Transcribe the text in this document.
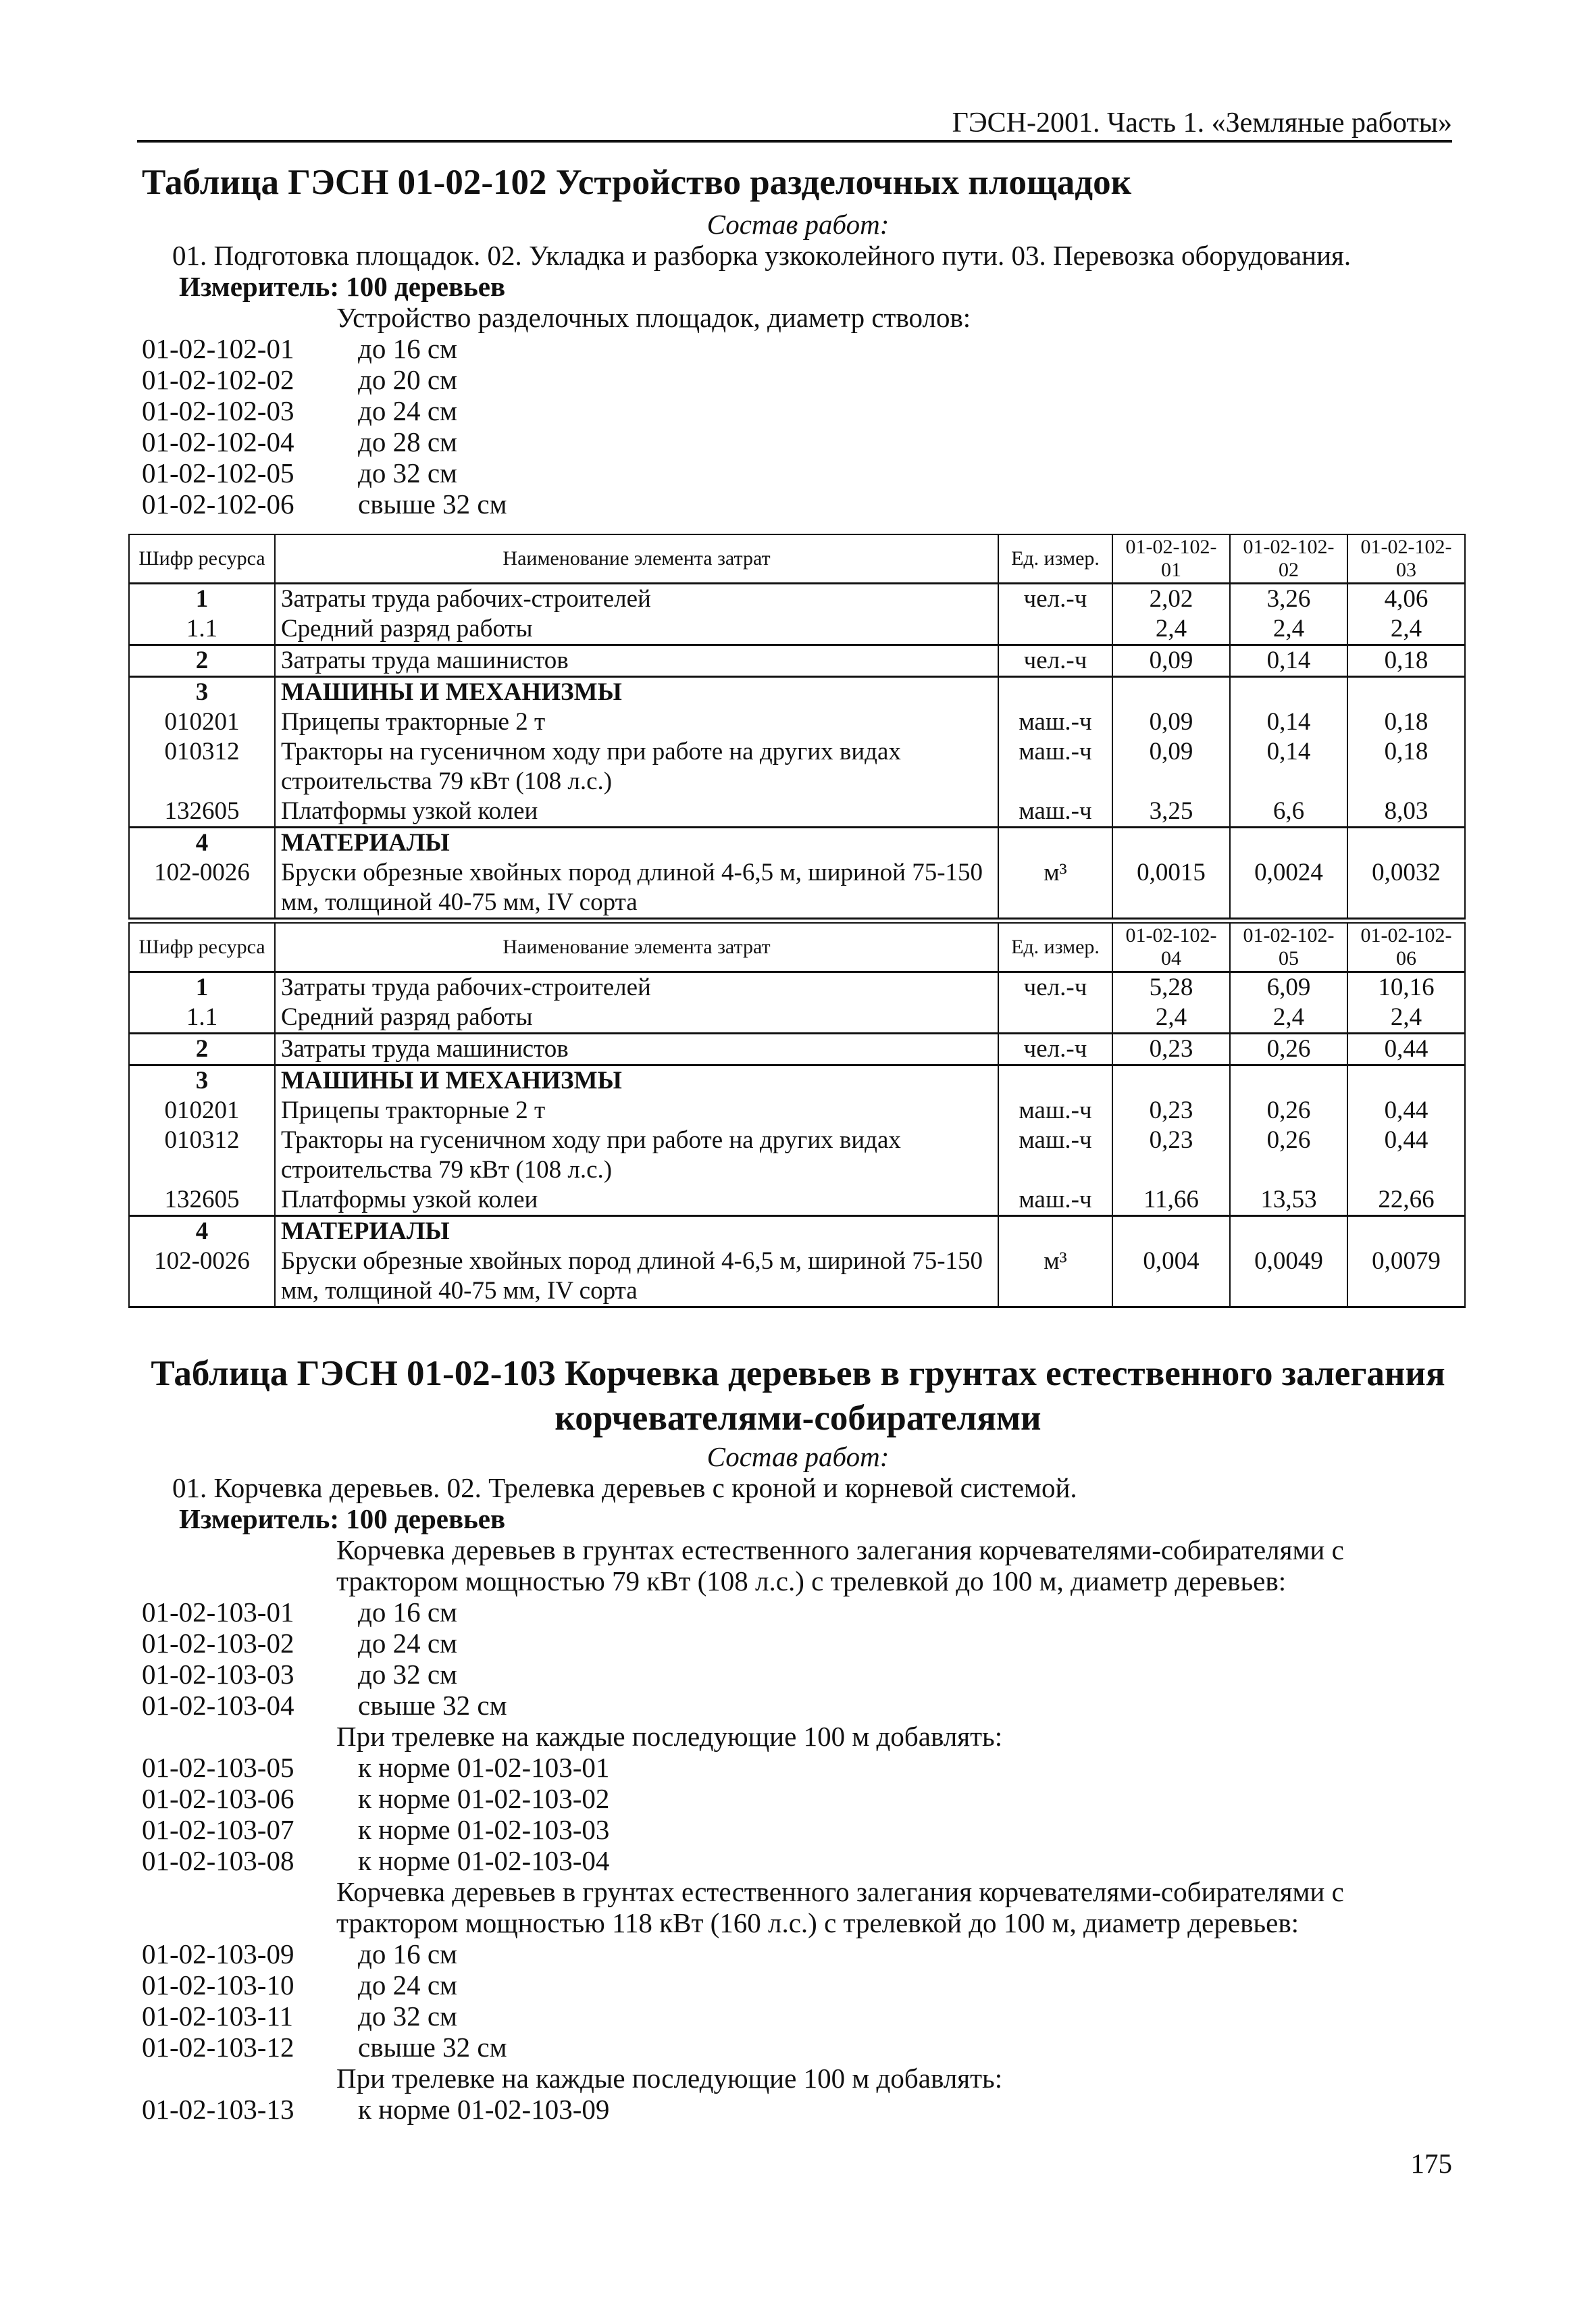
ГЭСН-2001. Часть 1. «Земляные работы»
Таблица ГЭСН 01-02-102 Устройство разделочных площадок
Состав работ:
01. Подготовка площадок. 02. Укладка и разборка узкоколейного пути. 03. Перевозка оборудования.
Измеритель: 100 деревьев
Устройство разделочных площадок, диаметр стволов:
01-02-102-01 до 16 см
01-02-102-02 до 20 см
01-02-102-03 до 24 см
01-02-102-04 до 28 см
01-02-102-05 до 32 см
01-02-102-06 свыше 32 см
Шифр ресурса	Наименование элемента затрат	Ед. измер.	01-02-102-01	01-02-102-02	01-02-102-03
1	Затраты труда рабочих-строителей	чел.-ч	2,02	3,26	4,06
1.1	Средний разряд работы		2,4	2,4	2,4
2	Затраты труда машинистов	чел.-ч	0,09	0,14	0,18
3	МАШИНЫ И МЕХАНИЗМЫ				
010201	Прицепы тракторные 2 т	маш.-ч	0,09	0,14	0,18
010312	Тракторы на гусеничном ходу при работе на других видах строительства 79 кВт (108 л.с.)	маш.-ч	0,09	0,14	0,18
132605	Платформы узкой колеи	маш.-ч	3,25	6,6	8,03
4	МАТЕРИАЛЫ				
102-0026	Бруски обрезные хвойных пород длиной 4-6,5 м, шириной 75-150 мм, толщиной 40-75 мм, IV сорта	м³	0,0015	0,0024	0,0032
Шифр ресурса	Наименование элемента затрат	Ед. измер.	01-02-102-04	01-02-102-05	01-02-102-06
1	Затраты труда рабочих-строителей	чел.-ч	5,28	6,09	10,16
1.1	Средний разряд работы		2,4	2,4	2,4
2	Затраты труда машинистов	чел.-ч	0,23	0,26	0,44
3	МАШИНЫ И МЕХАНИЗМЫ				
010201	Прицепы тракторные 2 т	маш.-ч	0,23	0,26	0,44
010312	Тракторы на гусеничном ходу при работе на других видах строительства 79 кВт (108 л.с.)	маш.-ч	0,23	0,26	0,44
132605	Платформы узкой колеи	маш.-ч	11,66	13,53	22,66
4	МАТЕРИАЛЫ				
102-0026	Бруски обрезные хвойных пород длиной 4-6,5 м, шириной 75-150 мм, толщиной 40-75 мм, IV сорта	м³	0,004	0,0049	0,0079
Таблица ГЭСН 01-02-103 Корчевка деревьев в грунтах естественного залегания корчевателями-собирателями
Состав работ:
01. Корчевка деревьев. 02. Трелевка деревьев с кроной и корневой системой.
Измеритель: 100 деревьев
Корчевка деревьев в грунтах естественного залегания корчевателями-собирателями с
трактором мощностью 79 кВт (108 л.с.) с трелевкой до 100 м, диаметр деревьев:
01-02-103-01 до 16 см
01-02-103-02 до 24 см
01-02-103-03 до 32 см
01-02-103-04 свыше 32 см
При трелевке на каждые последующие 100 м добавлять:
01-02-103-05 к норме 01-02-103-01
01-02-103-06 к норме 01-02-103-02
01-02-103-07 к норме 01-02-103-03
01-02-103-08 к норме 01-02-103-04
Корчевка деревьев в грунтах естественного залегания корчевателями-собирателями с
трактором мощностью 118 кВт (160 л.с.) с трелевкой до 100 м, диаметр деревьев:
01-02-103-09 до 16 см
01-02-103-10 до 24 см
01-02-103-11 до 32 см
01-02-103-12 свыше 32 см
При трелевке на каждые последующие 100 м добавлять:
01-02-103-13 к норме 01-02-103-09
175
